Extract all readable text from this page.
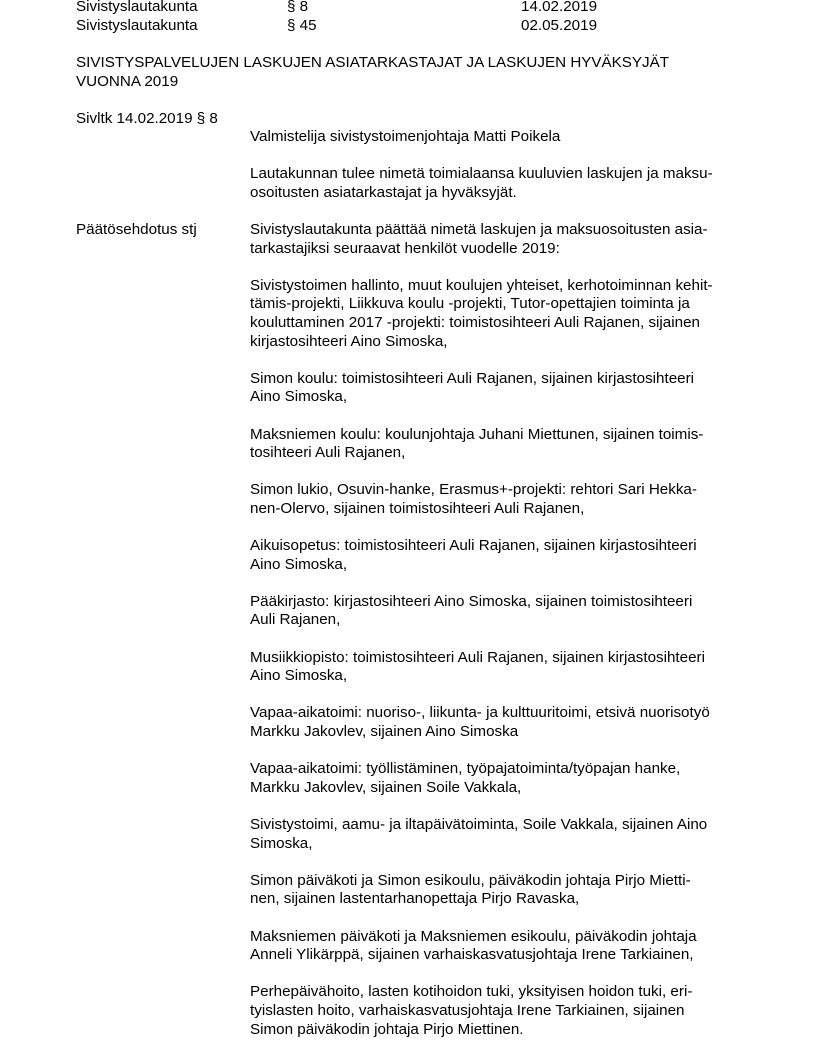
Sivistyslautakunta	§ 8	14.02.2019
Sivistyslautakunta	§ 45	02.05.2019
SIVISTYSPALVELUJEN LASKUJEN ASIATARKASTAJAT JA LASKUJEN HYVÄKSYJÄT
VUONNA 2019
Sivltk 14.02.2019 § 8
Valmistelija sivistystoimenjohtaja Matti Poikela
Lautakunnan tulee nimetä toimialaansa kuuluvien laskujen ja maksu-
osoitusten asiatarkastajat ja hyväksyjät.
Päätösehdotus stj	Sivistyslautakunta päättää nimetä laskujen ja maksuosoitusten asia-
tarkastajiksi seuraavat henkilöt vuodelle 2019:
Sivistystoimen hallinto, muut koulujen yhteiset, kerhotoiminnan kehit-
tämis-projekti, Liikkuva koulu -projekti, Tutor-opettajien toiminta ja
kouluttaminen 2017 -projekti: toimistosihteeri Auli Rajanen, sijainen
kirjastosihteeri Aino Simoska,
Simon koulu: toimistosihteeri Auli Rajanen, sijainen kirjastosihteeri
Aino Simoska,
Maksniemen koulu: koulunjohtaja Juhani Miettunen, sijainen toimis-
tosihteeri Auli Rajanen,
Simon lukio, Osuvin-hanke, Erasmus+-projekti: rehtori Sari Hekka-
nen-Olervo, sijainen toimistosihteeri Auli Rajanen,
Aikuisopetus: toimistosihteeri Auli Rajanen, sijainen kirjastosihteeri
Aino Simoska,
Pääkirjasto: kirjastosihteeri Aino Simoska, sijainen toimistosihteeri
Auli Rajanen,
Musiikkiopisto: toimistosihteeri Auli Rajanen, sijainen kirjastosihteeri
Aino Simoska,
Vapaa-aikatoimi: nuoriso-, liikunta- ja kulttuuritoimi, etsivä nuorisotyö
Markku Jakovlev, sijainen Aino Simoska
Vapaa-aikatoimi: työllistäminen, työpajatoiminta/työpajan hanke,
Markku Jakovlev, sijainen Soile Vakkala,
Sivistystoimi, aamu- ja iltapäivätoiminta, Soile Vakkala, sijainen Aino
Simoska,
Simon päiväkoti ja Simon esikoulu, päiväkodin johtaja Pirjo Mietti-
nen, sijainen lastentarhanopettaja Pirjo Ravaska,
Maksniemen päiväkoti ja Maksniemen esikoulu, päiväkodin johtaja
Anneli Ylikärppä, sijainen varhaiskasvatusjohtaja Irene Tarkiainen,
Perhepäivähoito, lasten kotihoidon tuki, yksityisen hoidon tuki, eri-
tyislasten hoito, varhaiskasvatusjohtaja Irene Tarkiainen, sijainen
Simon päiväkodin johtaja Pirjo Miettinen.
